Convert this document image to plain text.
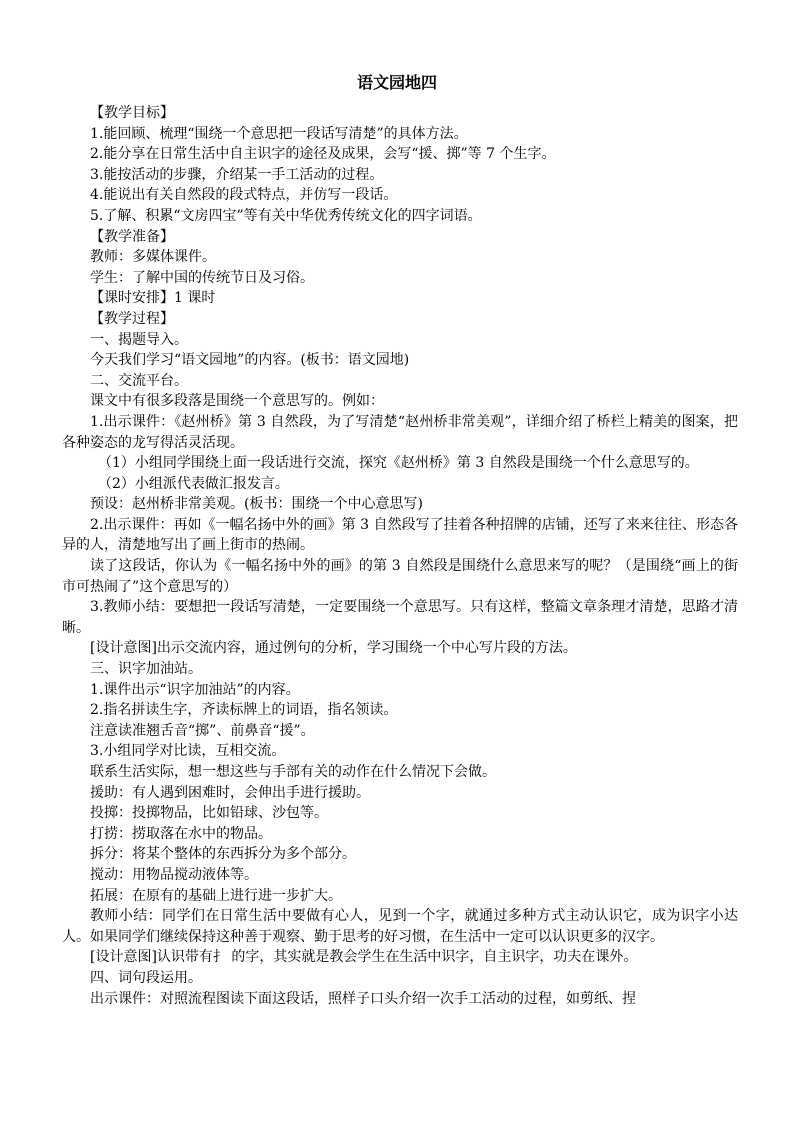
语文园地四

【教学目标】

1.能回顾、梳理“围绕一个意思把一段话写清楚”的具体方法。

2.能分享在日常生活中自主识字的途径及成果，会写“援、掷”等 7 个生字。

3.能按活动的步骤，介绍某一手工活动的过程。

4.能说出有关自然段的段式特点，并仿写一段话。

5.了解、积累“文房四宝”等有关中华优秀传统文化的四字词语。

【教学准备】

教师：多媒体课件。

学生：了解中国的传统节日及习俗。

【课时安排】1 课时

【教学过程】

一、揭题导入。

今天我们学习“语文园地”的内容。(板书：语文园地)

二、交流平台。

课文中有很多段落是围绕一个意思写的。例如：

1.出示课件：《赵州桥》第 3 自然段，为了写清楚“赵州桥非常美观”，详细介绍了桥栏上精美的图案，把各种姿态的龙写得活灵活现。

（1）小组同学围绕上面一段话进行交流，探究《赵州桥》第 3 自然段是围绕一个什么意思写的。

（2）小组派代表做汇报发言。

预设：赵州桥非常美观。(板书：围绕一个中心意思写)

2.出示课件：再如《一幅名扬中外的画》第 3 自然段写了挂着各种招牌的店铺，还写了来来往往、形态各异的人，清楚地写出了画上街市的热闹。

读了这段话，你认为《一幅名扬中外的画》的第 3 自然段是围绕什么意思来写的呢？（是围绕“画上的街市可热闹了”这个意思写的）

3.教师小结：要想把一段话写清楚，一定要围绕一个意思写。只有这样，整篇文章条理才清楚，思路才清晰。

[设计意图]出示交流内容，通过例句的分析，学习围绕一个中心写片段的方法。

三、识字加油站。

1.课件出示“识字加油站”的内容。

2.指名拼读生字，齐读标牌上的词语，指名领读。

注意读准翘舌音“掷”、前鼻音“援”。

3.小组同学对比读，互相交流。

联系生活实际，想一想这些与手部有关的动作在什么情况下会做。

援助：有人遇到困难时，会伸出手进行援助。

投掷：投掷物品，比如铅球、沙包等。

打捞：捞取落在水中的物品。

拆分：将某个整体的东西拆分为多个部分。

搅动：用物品搅动液体等。

拓展：在原有的基础上进行进一步扩大。

教师小结：同学们在日常生活中要做有心人，见到一个字，就通过多种方式主动认识它，成为识字小达人。如果同学们继续保持这种善于观察、勤于思考的好习惯，在生活中一定可以认识更多的汉字。

[设计意图]认识带有扌 的字，其实就是教会学生在生活中识字，自主识字，功夫在课外。

四、词句段运用。

出示课件：对照流程图读下面这段话，照样子口头介绍一次手工活动的过程，如剪纸、捏
